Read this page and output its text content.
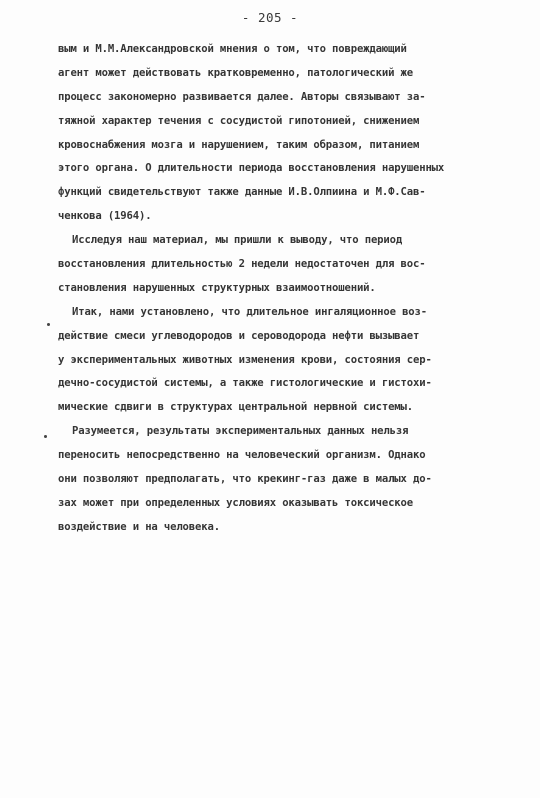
- 205 -
вым и М.М.Александровской мнения о том, что повреждающий
агент может действовать кратковременно, патологический же
процесс закономерно развивается далее. Авторы связывают за-
тяжной характер течения с сосудистой гипотонией, снижением
кровоснабжения мозга и нарушением, таким образом, питанием
этого органа. О длительности периода восстановления нарушенных
функций свидетельствуют также данные И.В.Олпиина и М.Ф.Сав-
ченкова (1964).
Исследуя наш материал, мы пришли к выводу, что период
восстановления длительностью 2 недели недостаточен для вос-
становления нарушенных структурных взаимоотношений.
Итак, нами установлено, что длительное ингаляционное воз-
действие смеси углеводородов и сероводорода нефти вызывает
у экспериментальных животных изменения крови, состояния сер-
дечно-сосудистой системы, а также гистологические и гистохи-
мические сдвиги в структурах центральной нервной системы.
Разумеется, результаты экспериментальных данных нельзя
переносить непосредственно на человеческий организм. Однако
они позволяют предполагать, что крекинг-газ даже в малых до-
зах может при определенных условиях оказывать токсическое
воздействие и на человека.
